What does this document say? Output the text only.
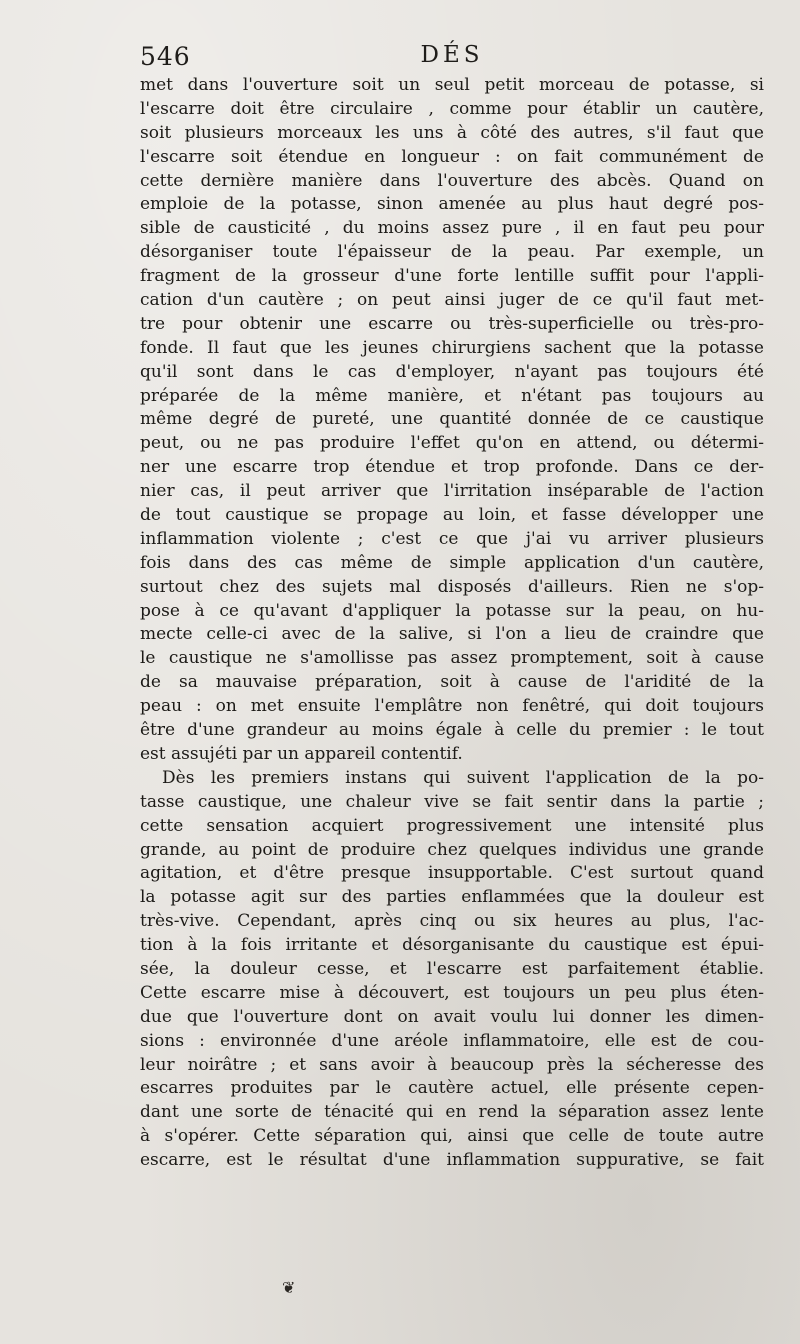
546	DÉS
met dans l'ouverture soit un seul petit morceau de potasse, si
l'escarre doit être circulaire , comme pour établir un cautère,
soit plusieurs morceaux les uns à côté des autres, s'il faut que
l'escarre soit étendue en longueur : on fait communément de
cette dernière manière dans l'ouverture des abcès. Quand on
emploie de la potasse, sinon amenée au plus haut degré pos-
sible de causticité , du moins assez pure , il en faut peu pour
désorganiser toute l'épaisseur de la peau. Par exemple, un
fragment de la grosseur d'une forte lentille suffit pour l'appli-
cation d'un cautère ; on peut ainsi juger de ce qu'il faut met-
tre pour obtenir une escarre ou très-superficielle ou très-pro-
fonde. Il faut que les jeunes chirurgiens sachent que la potasse
qu'il sont dans le cas d'employer, n'ayant pas toujours été
préparée de la même manière, et n'étant pas toujours au
même degré de pureté, une quantité donnée de ce caustique
peut, ou ne pas produire l'effet qu'on en attend, ou détermi-
ner une escarre trop étendue et trop profonde. Dans ce der-
nier cas, il peut arriver que l'irritation inséparable de l'action
de tout caustique se propage au loin, et fasse développer une
inflammation violente ; c'est ce que j'ai vu arriver plusieurs
fois dans des cas même de simple application d'un cautère,
surtout chez des sujets mal disposés d'ailleurs. Rien ne s'op-
pose à ce qu'avant d'appliquer la potasse sur la peau, on hu-
mecte celle-ci avec de la salive, si l'on a lieu de craindre que
le caustique ne s'amollisse pas assez promptement, soit à cause
de sa mauvaise préparation, soit à cause de l'aridité de la
peau : on met ensuite l'emplâtre non fenêtré, qui doit toujours
être d'une grandeur au moins égale à celle du premier : le tout
est assujéti par un appareil contentif.
Dès les premiers instans qui suivent l'application de la po-
tasse caustique, une chaleur vive se fait sentir dans la partie ;
cette sensation acquiert progressivement une intensité plus
grande, au point de produire chez quelques individus une grande
agitation, et d'être presque insupportable. C'est surtout quand
la potasse agit sur des parties enflammées que la douleur est
très-vive. Cependant, après cinq ou six heures au plus, l'ac-
tion à la fois irritante et désorganisante du caustique est épui-
sée, la douleur cesse, et l'escarre est parfaitement établie.
Cette escarre mise à découvert, est toujours un peu plus éten-
due que l'ouverture dont on avait voulu lui donner les dimen-
sions : environnée d'une aréole inflammatoire, elle est de cou-
leur noirâtre ; et sans avoir à beaucoup près la sécheresse des
escarres produites par le cautère actuel, elle présente cepen-
dant une sorte de ténacité qui en rend la séparation assez lente
à s'opérer. Cette séparation qui, ainsi que celle de toute autre
escarre, est le résultat d'une inflammation suppurative, se fait
❦
